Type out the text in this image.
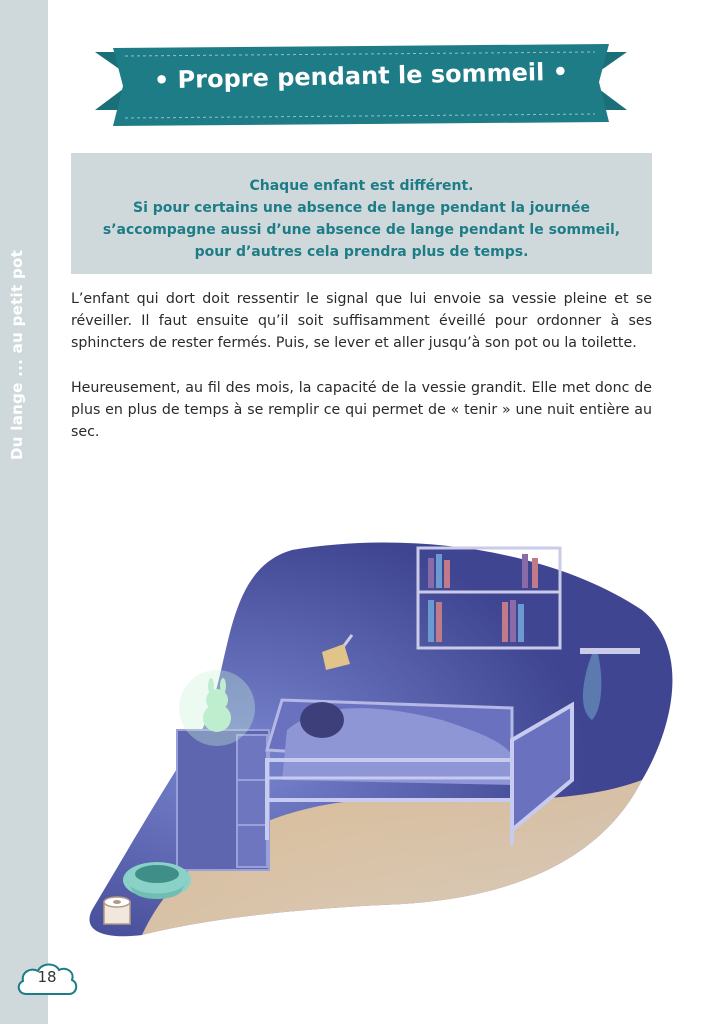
Du lange ... au petit pot
• Propre pendant le sommeil •
Chaque enfant est différent.
Si pour certains une absence de lange pendant la journée
s’accompagne aussi d’une absence de lange pendant le sommeil,
pour d’autres cela prendra plus de temps.
L’enfant qui dort doit ressentir le signal que lui envoie sa vessie pleine et se réveiller. Il faut ensuite qu’il soit suffisamment éveillé pour ordonner à ses sphincters de rester fermés. Puis, se lever et aller jusqu’à son pot ou la toilette.
Heureusement, au fil des mois, la capacité de la vessie grandit. Elle met donc de plus en plus de temps à se remplir ce qui permet de « tenir » une nuit entière au sec.
18
